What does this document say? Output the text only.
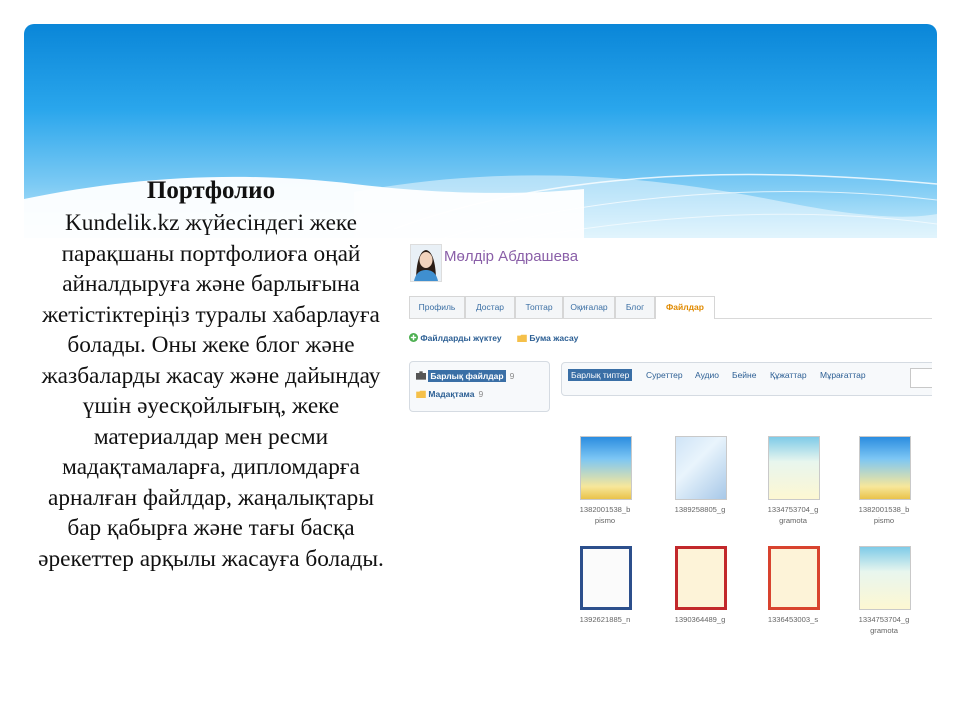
Портфолио
Kundelik.kz жүйесіндегі жеке парақшаны портфолиоға оңай айналдыруға және барлығына жетістіктеріңіз туралы хабарлауға болады. Оны жеке блог және жазбаларды жасау және дайындау үшін әуесқойлығың, жеке материалдар мен ресми мадақтамаларға, дипломдарға арналған файлдар, жаңалықтары бар қабырға және тағы басқа әрекеттер арқылы жасауға болады.
Мөлдір Абдрашева
Профиль	Достар	Топтар	Оқиғалар	Блог	Файлдар
Файлдарды жүктеу	Бума жасау
Барлық файлдар 9
Мадақтама 9
Барлық типтер	Суреттер Аудио Бейне Құжаттар Мұрағаттар
1382001538_b
pismo
1389258805_g	1334753704_g
gramota
1382001538_b
pismo
1392621885_n	1390364489_g	1336453003_s	1334753704_g
gramota
